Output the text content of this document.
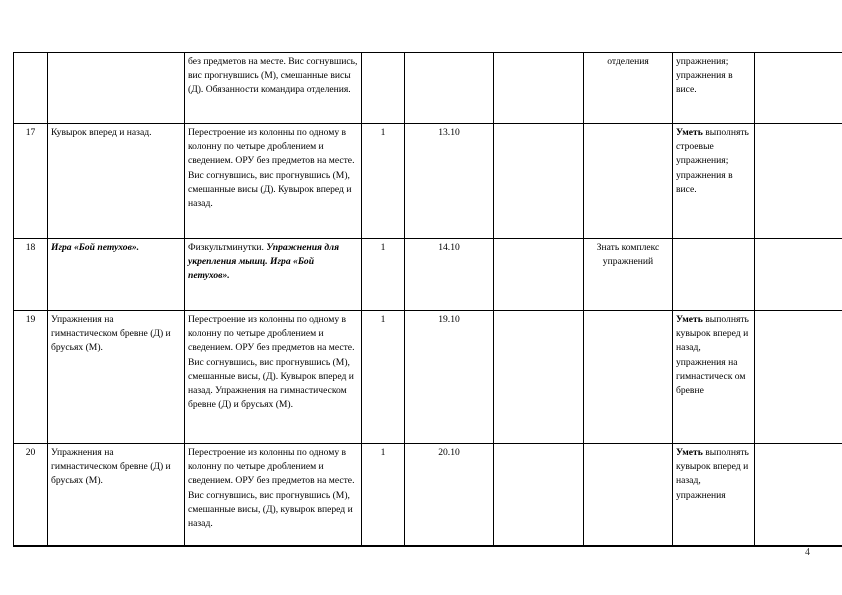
		без предметов на месте. Вис согнувшись, вис прогнувшись (М), смешанные висы (Д). Обязанности командира отделения.				отделения	упражнения; упражнения в висе.		
17	Кувырок вперед и назад.	Перестроение из колонны по одному в колонну по четыре дроблением и сведением. ОРУ без предметов на месте. Вис согнувшись, вис прогнувшись (М), смешанные висы (Д). Кувырок вперед и назад.	1	13.10			Уметь выполнять строевые упражнения; упражнения в висе.		
18	Игра «Бой петухов».	Физкультминутки. Упражнения для укрепления мышц. Игра «Бой петухов».	1	14.10		Знать комплекс упражнений			
19	Упражнения на гимнастическом бревне (Д) и брусьях (М).	Перестроение из колонны по одному в колонну по четыре дроблением и сведением. ОРУ без предметов на месте. Вис согнувшись, вис прогнувшись (М), смешанные висы, (Д). Кувырок вперед и назад. Упражнения на гимнастическом бревне (Д) и брусьях (М).	1	19.10			Уметь выполнять кувырок вперед и назад, упражнения на гимнастическ ом бревне		
20	Упражнения на гимнастическом бревне (Д) и брусьях (М).	Перестроение из колонны по одному в колонну по четыре дроблением и сведением. ОРУ без предметов на месте. Вис согнувшись, вис прогнувшись (М), смешанные висы, (Д), кувырок вперед и назад.	1	20.10			Уметь выполнять кувырок вперед и назад, упражнения		
4
